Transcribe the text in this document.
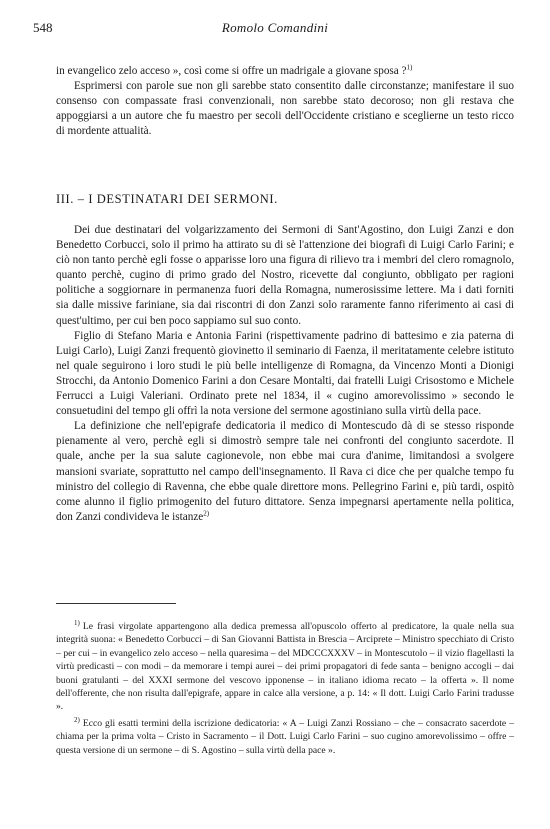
548	Romolo Comandini

in evangelico zelo acceso », così come si offre un madrigale a giovane sposa ?$^{1)}$

Esprimersi con parole sue non gli sarebbe stato consentito dalle circonstanze; manifestare il suo consenso con compassate frasi convenzionali, non sarebbe stato decoroso; non gli restava che appoggiarsi a un autore che fu maestro per secoli dell'Occidente cristiano e sceglierne un testo ricco di mordente attualità.

III. – I DESTINATARI DEI SERMONI.

Dei due destinatari del volgarizzamento dei Sermoni di Sant'Agostino, don Luigi Zanzi e don Benedetto Corbucci, solo il primo ha attirato su di sè l'attenzione dei biografi di Luigi Carlo Farini; e ciò non tanto perchè egli fosse o apparisse loro una figura di rilievo tra i membri del clero romagnolo, quanto perchè, cugino di primo grado del Nostro, ricevette dal congiunto, obbligato per ragioni politiche a soggiornare in permanenza fuori della Romagna, numerosissime lettere. Ma i dati forniti sia dalle missive fariniane, sia dai riscontri di don Zanzi solo raramente fanno riferimento ai casi di quest'ultimo, per cui ben poco sappiamo sul suo conto.

Figlio di Stefano Maria e Antonia Farini (rispettivamente padrino di battesimo e zia paterna di Luigi Carlo), Luigi Zanzi frequentò giovinetto il seminario di Faenza, il meritatamente celebre istituto nel quale seguirono i loro studi le più belle intelligenze di Romagna, da Vincenzo Monti a Dionigi Strocchi, da Antonio Domenico Farini a don Cesare Montalti, dai fratelli Luigi Crisostomo e Michele Ferrucci a Luigi Valeriani. Ordinato prete nel 1834, il « cugino amorevolissimo » secondo le consuetudini del tempo gli offrì la nota versione del sermone agostiniano sulla virtù della pace.

La definizione che nell'epigrafe dedicatoria il medico di Montescudo dà di se stesso risponde pienamente al vero, perchè egli si dimostrò sempre tale nei confronti del congiunto sacerdote. Il quale, anche per la sua salute cagionevole, non ebbe mai cura d'anime, limitandosi a svolgere mansioni svariate, soprattutto nel campo dell'insegnamento. Il Rava ci dice che per qualche tempo fu ministro del collegio di Ravenna, che ebbe quale direttore mons. Pellegrino Farini e, più tardi, ospitò come alunno il figlio primogenito del futuro dittatore. Senza impegnarsi apertamente nella politica, don Zanzi condivideva le istanze$^{2)}$

$^{1)}$ Le frasi virgolate appartengono alla dedica premessa all'opuscolo offerto al predicatore, la quale nella sua integrità suona: « Benedetto Corbucci – di San Giovanni Battista in Brescia – Arciprete – Ministro specchiato di Cristo – per cui – in evangelico zelo acceso – nella quaresima – del MDCCCXXXV – in Montescutolo – il vizio flagellasti la virtù predicasti – con modi – da memorare i tempi aurei – dei primi propagatori di fede santa – benigno accogli – dai buoni gratulanti – del XXXI sermone del vescovo ipponense – in italiano idioma recato – la offerta ». Il nome dell'offerente, che non risulta dall'epigrafe, appare in calce alla versione, a p. 14: « Il dott. Luigi Carlo Farini tradusse ».

$^{2)}$ Ecco gli esatti termini della iscrizione dedicatoria: « A – Luigi Zanzi Rossiano – che – consacrato sacerdote – chiama per la prima volta – Cristo in Sacramento – il Dott. Luigi Carlo Farini – suo cugino amorevolissimo – offre – questa versione di un sermone – di S. Agostino – sulla virtù della pace ».
